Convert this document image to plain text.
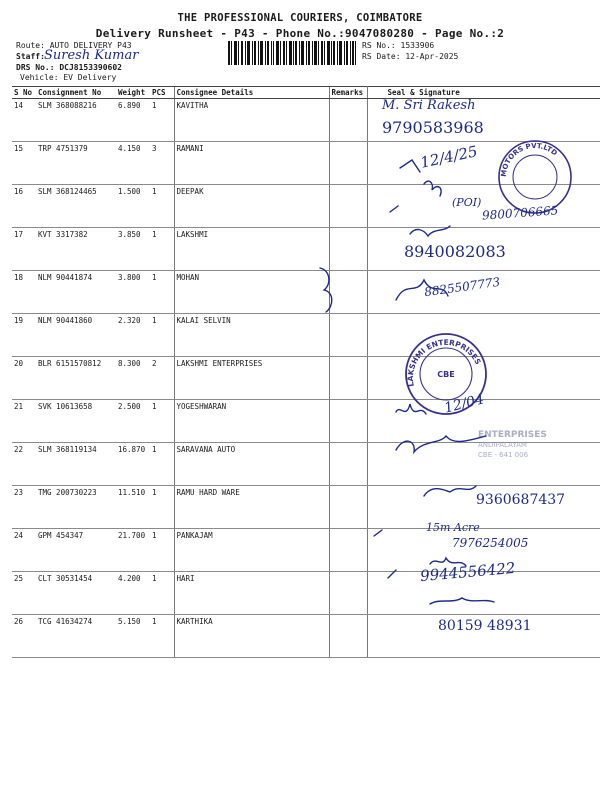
THE PROFESSIONAL COURIERS, COIMBATORE
Delivery Runsheet - P43 - Phone No.:9047080280 - Page No.:2
Route: AUTO DELIVERY P43
Staff: Suresh Kumar
DRS No.: DCJ8153390602
Vehicle: EV Delivery
RS No.: 1533906
RS Date: 12-Apr-2025
S No	Consignment No	Weight	PCS	Consignee Details	Remarks	Seal & Signature
14	SLM 368088216	6.890	1	KAVITHA		
15	TRP 4751379	4.150	3	RAMANI		
16	SLM 368124465	1.500	1	DEEPAK		
17	KVT 3317382	3.850	1	LAKSHMI		
18	NLM 90441874	3.800	1	MOHAN		
19	NLM 90441860	2.320	1	KALAI SELVIN		
20	BLR 6151570812	8.300	2	LAKSHMI ENTERPRISES		
21	SVK 10613658	2.500	1	YOGESHWARAN		
22	SLM 368119134	16.870	1	SARAVANA AUTO		
23	TMG 200730223	11.510	1	RAMU HARD WARE		
24	GPM 454347	21.700	1	PANKAJAM		
25	CLT 30531454	4.200	1	HARI		
26	TCG 41634274	5.150	1	KARTHIKA		
MOTORS PVT.LTD
LAKSHMI ENTERPRISES
CBE
ENTERPRISES
ANDIPALAYAM
CBE - 641 006
M. Sri Rakesh
9790583968
12/4/25
(POI)
9800706665
8940082083
8825507773
12/04
9360687437
15m Acre
7976254005
9944556422
80159 48931
